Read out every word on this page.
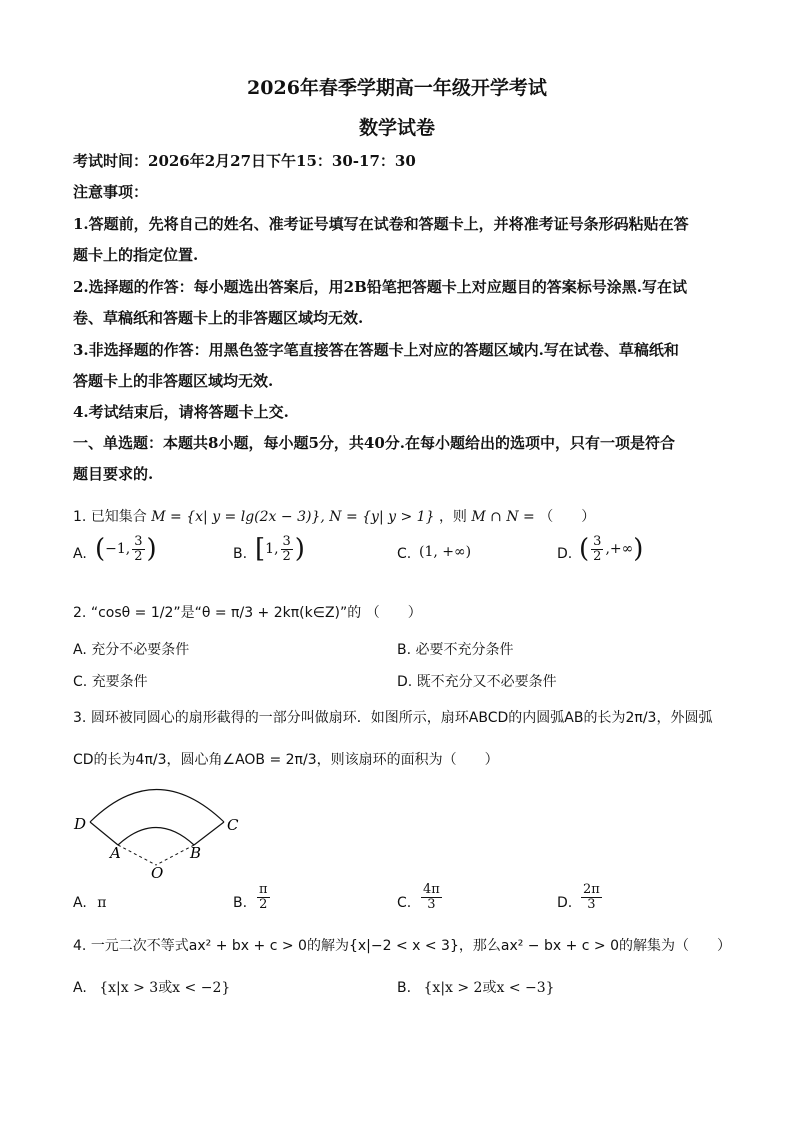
2026年春季学期高一年级开学考试
数学试卷
考试时间：2026年2月27日下午15：30-17：30
注意事项：
1.答题前，先将自己的姓名、准考证号填写在试卷和答题卡上，并将准考证号条形码粘贴在答
题卡上的指定位置.
2.选择题的作答：每小题选出答案后，用2B铅笔把答题卡上对应题目的答案标号涂黑.写在试
卷、草稿纸和答题卡上的非答题区域均无效.
3.非选择题的作答：用黑色签字笔直接答在答题卡上对应的答题区域内.写在试卷、草稿纸和
答题卡上的非答题区域均无效.
4.考试结束后，请将答题卡上交.
一、单选题：本题共8小题，每小题5分，共40分.在每小题给出的选项中，只有一项是符合
题目要求的.
1. 已知集合 M = {x| y = lg(2x − 3)}, N = {y| y > 1} ，则 M ∩ N = （　　）
A. (−1, $\frac{3}{2}$ )	B. [1, $\frac{3}{2}$ )	C. (1, +∞)	D. ( $\frac{3}{2}$ ,+∞)
2. “cosθ = 1/2”是“θ = π/3 + 2kπ(k∈Z)”的 （　　）
A. 充分不必要条件	B. 必要不充分条件
C. 充要条件	D. 既不充分又不必要条件
3. 圆环被同圆心的扇形截得的一部分叫做扇环．如图所示，扇环ABCD的内圆弧AB的长为2π/3，外圆弧
CD的长为4π/3，圆心角∠AOB = 2π/3，则该扇环的面积为（　　）
D	C
A	B
O
A. π	B. $\frac{\pi}{2}$	C. $\frac{4\pi}{3}$	D. $\frac{2\pi}{3}$
4. 一元二次不等式ax² + bx + c > 0的解为{x|−2 < x < 3}，那么ax² − bx + c > 0的解集为（　　）
A. {x|x > 3或x < −2}	B. {x|x > 2或x < −3}
